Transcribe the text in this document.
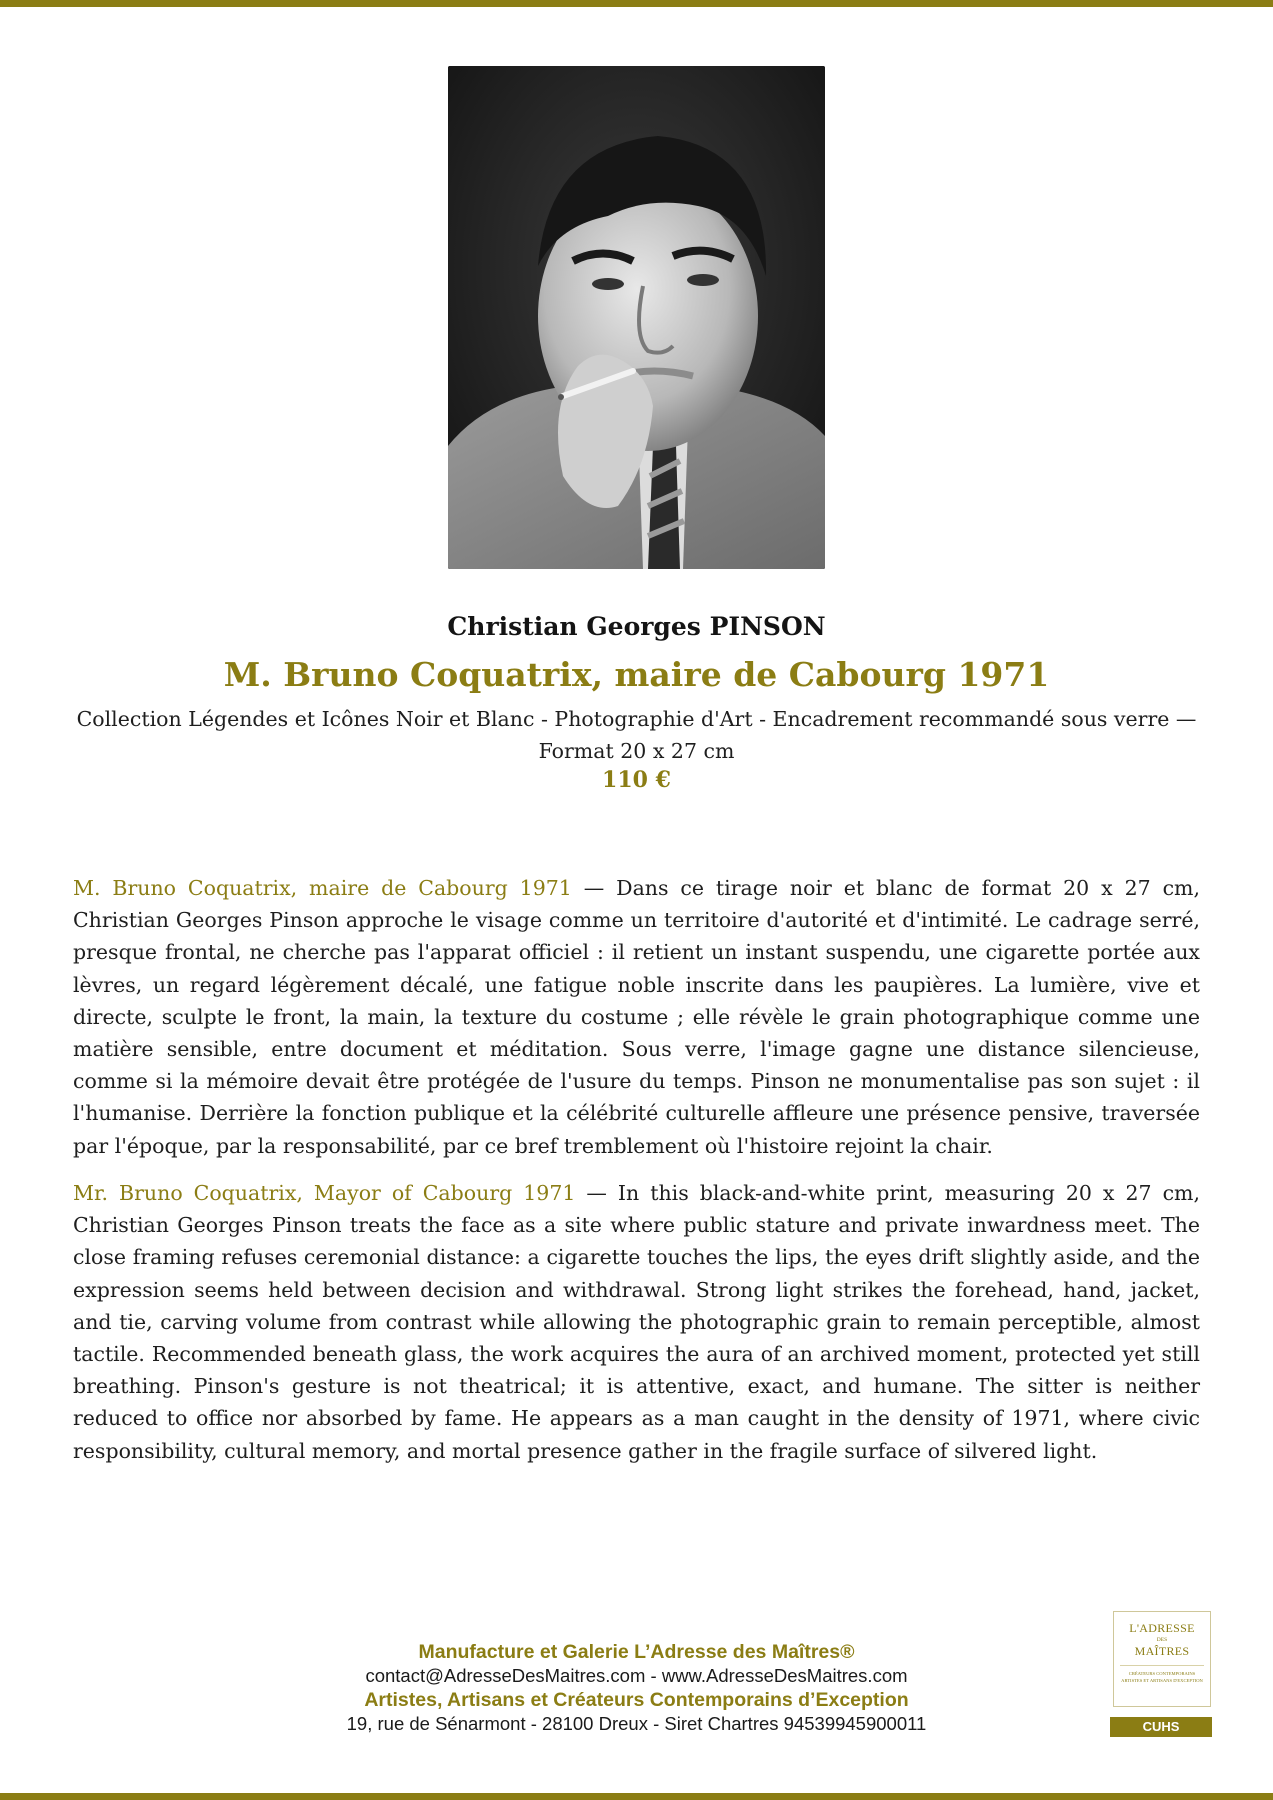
Christian Georges PINSON
M. Bruno Coquatrix, maire de Cabourg 1971
Collection Légendes et Icônes Noir et Blanc - Photographie d'Art - Encadrement recommandé sous verre — Format 20 x 27 cm
110 €

M. Bruno Coquatrix, maire de Cabourg 1971 — Dans ce tirage noir et blanc de format 20 x 27 cm, Christian Georges Pinson approche le visage comme un territoire d'autorité et d'intimité. Le cadrage serré, presque frontal, ne cherche pas l'apparat officiel : il retient un instant suspendu, une cigarette portée aux lèvres, un regard légèrement décalé, une fatigue noble inscrite dans les paupières. La lumière, vive et directe, sculpte le front, la main, la texture du costume ; elle révèle le grain photographique comme une matière sensible, entre document et méditation. Sous verre, l'image gagne une distance silencieuse, comme si la mémoire devait être protégée de l'usure du temps. Pinson ne monumentalise pas son sujet : il l'humanise. Derrière la fonction publique et la célébrité culturelle affleure une présence pensive, traversée par l'époque, par la responsabilité, par ce bref tremblement où l'histoire rejoint la chair.

Mr. Bruno Coquatrix, Mayor of Cabourg 1971 — In this black-and-white print, measuring 20 x 27 cm, Christian Georges Pinson treats the face as a site where public stature and private inwardness meet. The close framing refuses ceremonial distance: a cigarette touches the lips, the eyes drift slightly aside, and the expression seems held between decision and withdrawal. Strong light strikes the forehead, hand, jacket, and tie, carving volume from contrast while allowing the photographic grain to remain perceptible, almost tactile. Recommended beneath glass, the work acquires the aura of an archived moment, protected yet still breathing. Pinson's gesture is not theatrical; it is attentive, exact, and humane. The sitter is neither reduced to office nor absorbed by fame. He appears as a man caught in the density of 1971, where civic responsibility, cultural memory, and mortal presence gather in the fragile surface of silvered light.

Manufacture et Galerie L’Adresse des Maîtres®
contact@AdresseDesMaitres.com - www.AdresseDesMaitres.com
Artistes, Artisans et Créateurs Contemporains d’Exception
19, rue de Sénarmont - 28100 Dreux - Siret Chartres 94539945900011
L'ADRESSE
DES
MAÎTRES
CRÉATEURS CONTEMPORAINS ARTISTES ET ARTISANS D'EXCEPTION
CUHS
